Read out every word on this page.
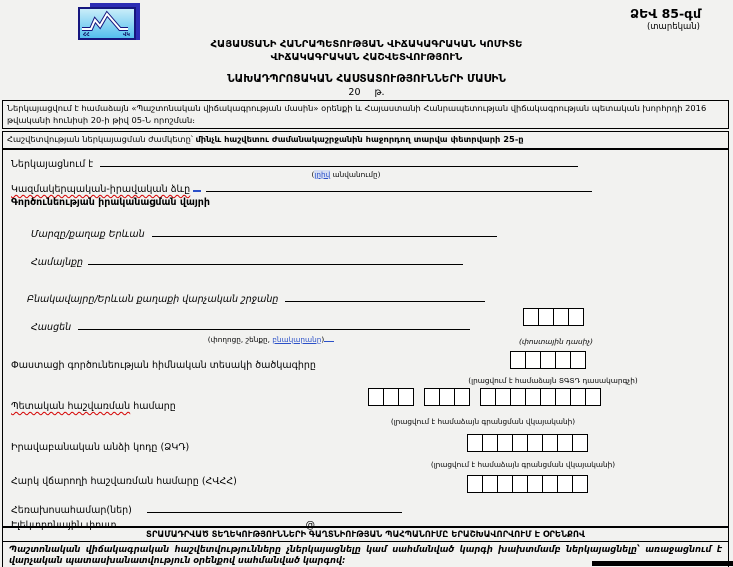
ՀՀ	ՎԿ
ՁԵՎ 85-գմ
(տարեկան)
ՀԱՅԱՍՏԱՆԻ ՀԱՆՐԱՊԵՏՈՒԹՅԱՆ ՎԻՃԱԿԱԳՐԱԿԱՆ ԿՈՄԻՏԵ
ՎԻՃԱԿԱԳՐԱԿԱՆ ՀԱՇՎԵՏՎՈՒԹՅՈՒՆ
ՆԱԽԱԴՊՐՈՑԱԿԱՆ ՀԱՍՏԱՏՈՒԹՅՈՒՆՆԵՐԻ ՄԱՍԻՆ
20 թ.
Ներկայացվում է համաձայն «Պաշտոնական վիճակագրության մասին» օրենքի և Հայաստանի Հանրապետության վիճակագրության պետական խորհրդի 2016 թվականի հունիսի 20-ի թիվ 05-Ն որոշման։
Հաշվետվության ներկայացման ժամկետը՝ մինչև հաշվետու ժամանակաշրջանին հաջորդող տարվա փետրվարի 25-ը
Ներկայացնում է
(լրիվ անվանումը)
Կազմակերպական-իրավական ձևը
Գործունեության իրականացման վայրի
Մարզը/քաղաք Երևան
Համայնքը
Բնակավայրը/Երևան քաղաքի վարչական շրջանը
Հասցեն
(փողոցը, շենքը, բնակարանը)	(փոստային դասիչ)
Փաստացի գործունեության հիմնական տեսակի ծածկագիրը
(լրացվում է համաձայն ՏԳՏԴ դասակարգչի)
Պետական հաշվառման համարը
(լրացվում է համաձայն գրանցման վկայականի)
Իրավաբանական անձի կոդը (ՁԿԴ)
(լրացվում է համաձայն գրանցման վկայականի)
Հարկ վճարողի հաշվառման համարը (ՀՎՀՀ)
Հեռախոսահամար(ներ)
Էլեկտրոնային փոստ	@
ՏՐԱՄԱԴՐՎԱԾ ՏԵՂԵԿՈՒԹՅՈՒՆՆԵՐԻ ԳԱՂՏՆԻՈՒԹՅԱՆ ՊԱՀՊԱՆՈՒՄԸ ԵՐԱՇԽԱՎՈՐՎՈՒՄ Է ՕՐԵՆՔՈՎ
Պաշտոնական վիճակագրական հաշվետվությունները չներկայացնելը կամ սահմանված կարգի խախտմամբ ներկայացնելը՝ առաջացնում է վարչական պատասխանատվություն օրենքով սահմանված կարգով։
